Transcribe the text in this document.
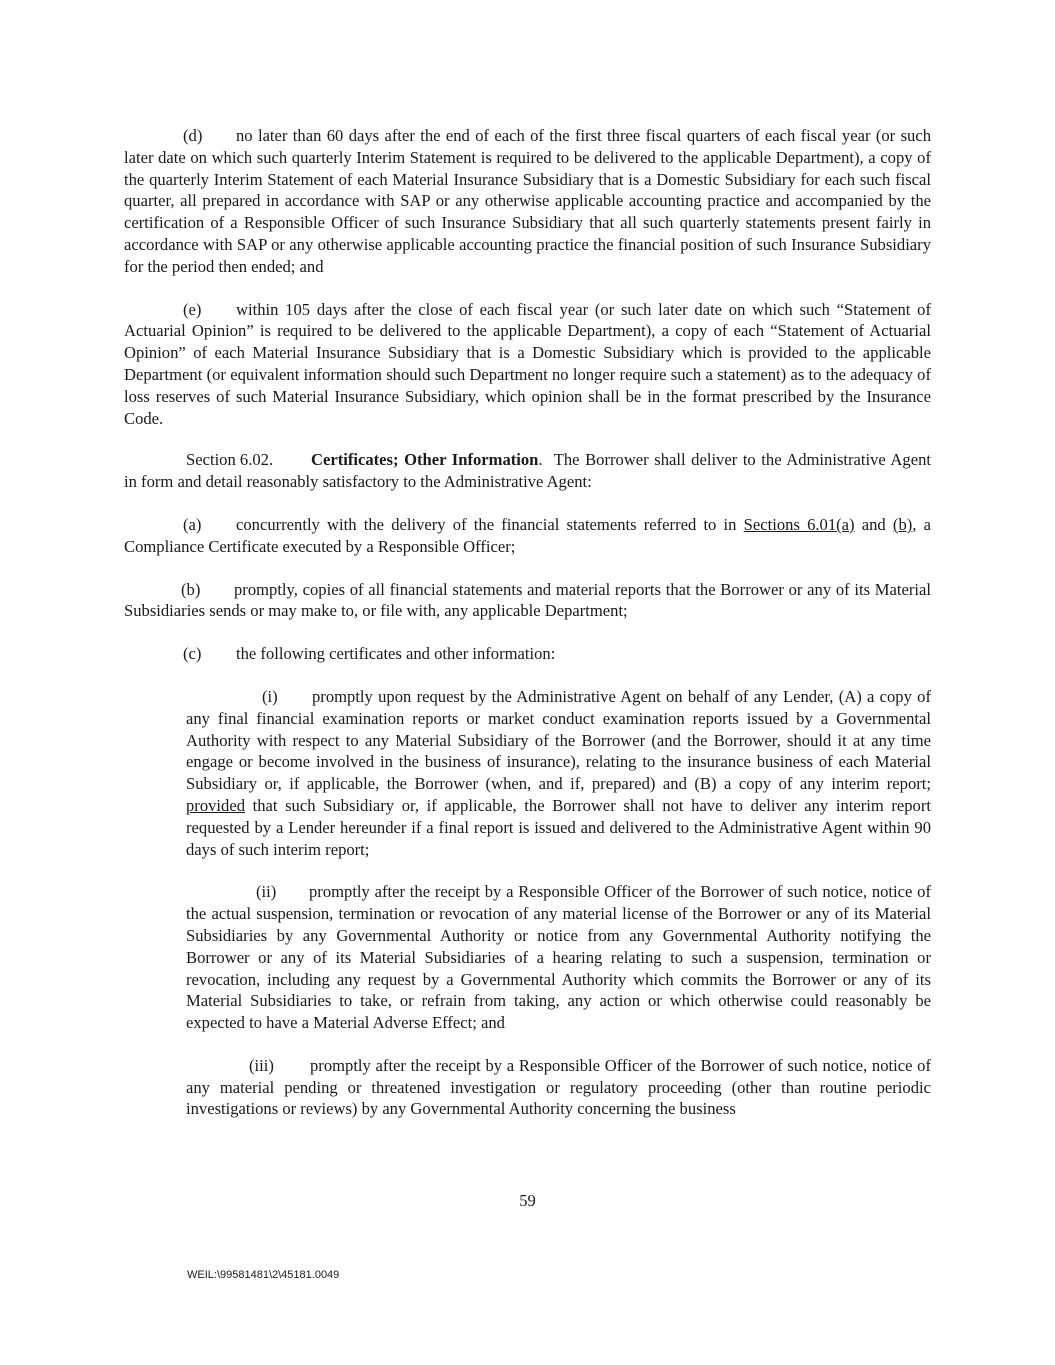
(d) no later than 60 days after the end of each of the first three fiscal quarters of each fiscal year (or such later date on which such quarterly Interim Statement is required to be delivered to the applicable Department), a copy of the quarterly Interim Statement of each Material Insurance Subsidiary that is a Domestic Subsidiary for each such fiscal quarter, all prepared in accordance with SAP or any otherwise applicable accounting practice and accompanied by the certification of a Responsible Officer of such Insurance Subsidiary that all such quarterly statements present fairly in accordance with SAP or any otherwise applicable accounting practice the financial position of such Insurance Subsidiary for the period then ended; and

(e) within 105 days after the close of each fiscal year (or such later date on which such “Statement of Actuarial Opinion” is required to be delivered to the applicable Department), a copy of each “Statement of Actuarial Opinion” of each Material Insurance Subsidiary that is a Domestic Subsidiary which is provided to the applicable Department (or equivalent information should such Department no longer require such a statement) as to the adequacy of loss reserves of such Material Insurance Subsidiary, which opinion shall be in the format prescribed by the Insurance Code.

Section 6.02. Certificates; Other Information. The Borrower shall deliver to the Administrative Agent in form and detail reasonably satisfactory to the Administrative Agent:

(a) concurrently with the delivery of the financial statements referred to in Sections 6.01(a) and (b), a Compliance Certificate executed by a Responsible Officer;

(b) promptly, copies of all financial statements and material reports that the Borrower or any of its Material Subsidiaries sends or may make to, or file with, any applicable Department;

(c) the following certificates and other information:

(i) promptly upon request by the Administrative Agent on behalf of any Lender, (A) a copy of any final financial examination reports or market conduct examination reports issued by a Governmental Authority with respect to any Material Subsidiary of the Borrower (and the Borrower, should it at any time engage or become involved in the business of insurance), relating to the insurance business of each Material Subsidiary or, if applicable, the Borrower (when, and if, prepared) and (B) a copy of any interim report; provided that such Subsidiary or, if applicable, the Borrower shall not have to deliver any interim report requested by a Lender hereunder if a final report is issued and delivered to the Administrative Agent within 90 days of such interim report;

(ii) promptly after the receipt by a Responsible Officer of the Borrower of such notice, notice of the actual suspension, termination or revocation of any material license of the Borrower or any of its Material Subsidiaries by any Governmental Authority or notice from any Governmental Authority notifying the Borrower or any of its Material Subsidiaries of a hearing relating to such a suspension, termination or revocation, including any request by a Governmental Authority which commits the Borrower or any of its Material Subsidiaries to take, or refrain from taking, any action or which otherwise could reasonably be expected to have a Material Adverse Effect; and

(iii) promptly after the receipt by a Responsible Officer of the Borrower of such notice, notice of any material pending or threatened investigation or regulatory proceeding (other than routine periodic investigations or reviews) by any Governmental Authority concerning the business

59
WEIL:\99581481\2\45181.0049
